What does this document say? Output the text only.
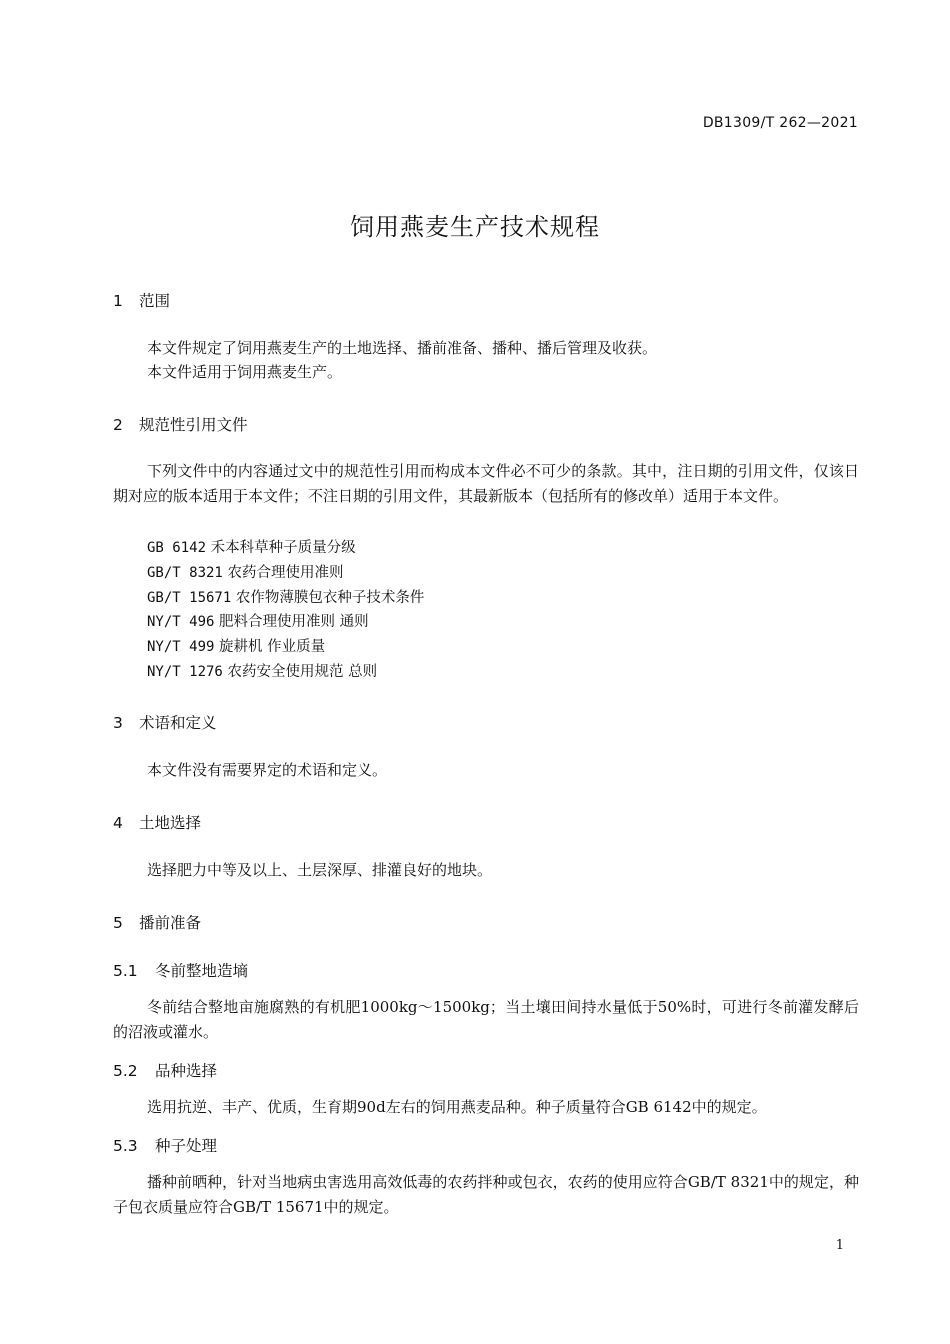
DB1309/T 262—2021
饲用燕麦生产技术规程
1 范围
本文件规定了饲用燕麦生产的土地选择、播前准备、播种、播后管理及收获。
本文件适用于饲用燕麦生产。
2 规范性引用文件
下列文件中的内容通过文中的规范性引用而构成本文件必不可少的条款。其中，注日期的引用文件，仅该日期对应的版本适用于本文件；不注日期的引用文件，其最新版本（包括所有的修改单）适用于本文件。
GB 6142 禾本科草种子质量分级
GB/T 8321 农药合理使用准则
GB/T 15671 农作物薄膜包衣种子技术条件
NY/T 496 肥料合理使用准则 通则
NY/T 499 旋耕机 作业质量
NY/T 1276 农药安全使用规范 总则
3 术语和定义
本文件没有需要界定的术语和定义。
4 土地选择
选择肥力中等及以上、土层深厚、排灌良好的地块。
5 播前准备
5.1 冬前整地造墒
冬前结合整地亩施腐熟的有机肥1000kg～1500kg；当土壤田间持水量低于50%时，可进行冬前灌发酵后的沼液或灌水。
5.2 品种选择
选用抗逆、丰产、优质，生育期90d左右的饲用燕麦品种。种子质量符合GB 6142中的规定。
5.3 种子处理
播种前晒种，针对当地病虫害选用高效低毒的农药拌种或包衣，农药的使用应符合GB/T 8321中的规定，种子包衣质量应符合GB/T 15671中的规定。
1
